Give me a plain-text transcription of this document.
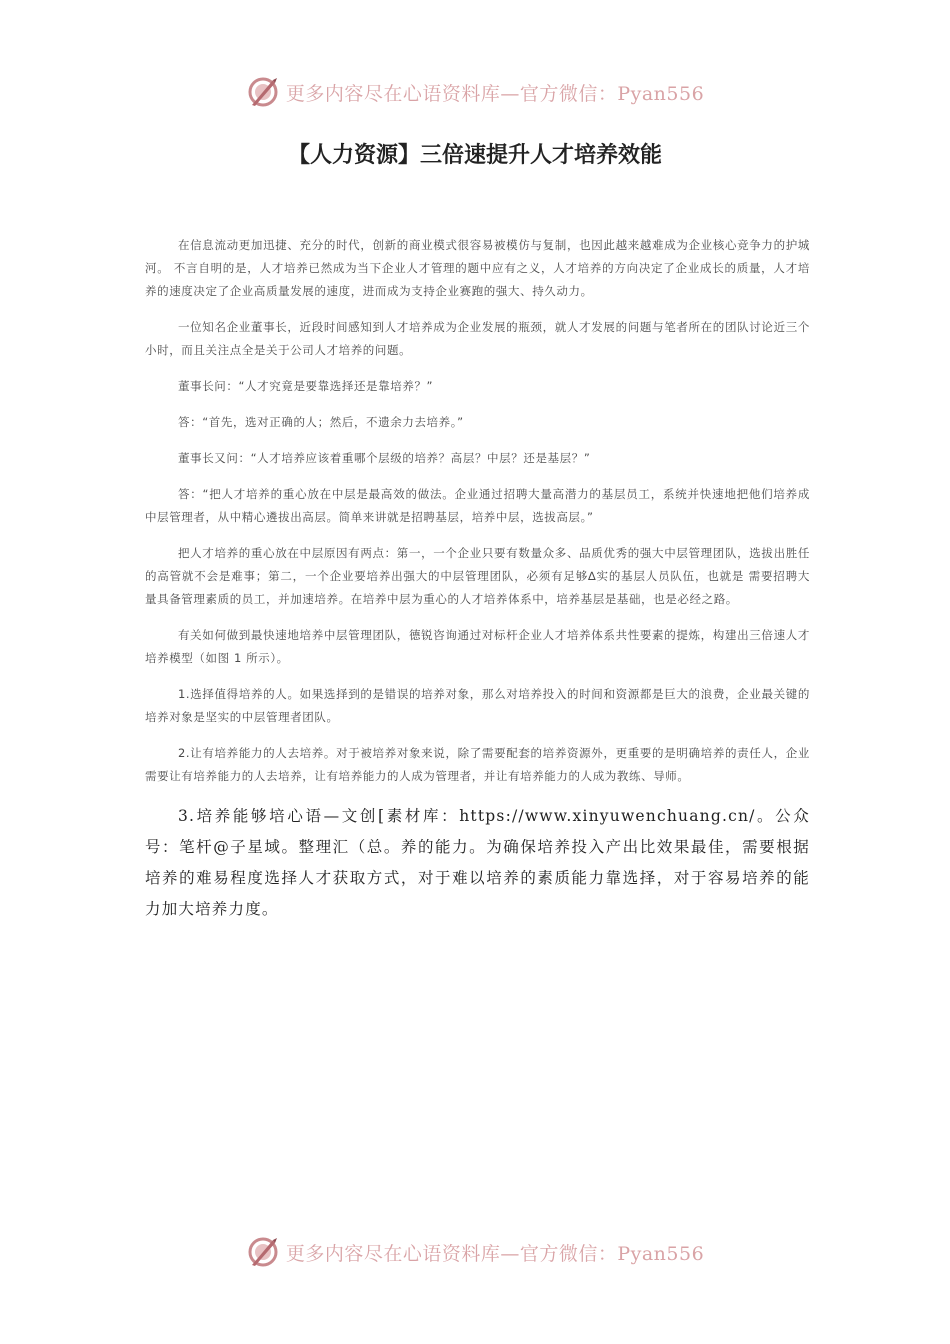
更多内容尽在心语资料库—官方微信：Pyan556
【人力资源】三倍速提升人才培养效能

在信息流动更加迅捷、充分的时代，创新的商业模式很容易被模仿与复制，也因此越来越难成为企业核心竞争力的护城河。 不言自明的是，人才培养已然成为当下企业人才管理的题中应有之义，人才培养的方向决定了企业成长的质量，人才培养的速度决定了企业高质量发展的速度，进而成为支持企业赛跑的强大、持久动力。

一位知名企业董事长，近段时间感知到人才培养成为企业发展的瓶颈，就人才发展的问题与笔者所在的团队讨论近三个小时，而且关注点全是关于公司人才培养的问题。

董事长问：“人才究竟是要靠选择还是靠培养？”

答：“首先，选对正确的人；然后，不遗余力去培养。”

董事长又问：“人才培养应该着重哪个层级的培养？高层？中层？还是基层？”

答：“把人才培养的重心放在中层是最高效的做法。企业通过招聘大量高潜力的基层员工，系统并快速地把他们培养成中层管理者，从中精心遴拔出高层。简单来讲就是招聘基层，培养中层，选拔高层。”

把人才培养的重心放在中层原因有两点：第一，一个企业只要有数量众多、品质优秀的强大中层管理团队，选拔出胜任的高管就不会是难事；第二，一个企业要培养出强大的中层管理团队，必须有足够∆实的基层人员队伍，也就是 需要招聘大量具备管理素质的员工，并加速培养。在培养中层为重心的人才培养体系中，培养基层是基础，也是必经之路。

有关如何做到最快速地培养中层管理团队，德锐咨询通过对标杆企业人才培养体系共性要素的提炼，构建出三倍速人才培养模型（如图 1 所示）。

1.选择值得培养的人。如果选择到的是错误的培养对象，那么对培养投入的时间和资源都是巨大的浪费，企业最关键的培养对象是坚实的中层管理者团队。

2.让有培养能力的人去培养。对于被培养对象来说，除了需要配套的培养资源外，更重要的是明确培养的责任人，企业需要让有培养能力的人去培养，让有培养能力的人成为管理者，并让有培养能力的人成为教练、导师。

3.培养能够培心语—文创[素材库：https://www.xinyuwenchuang.cn/。公众号：笔杆@子星域。整理汇（总。养的能力。为确保培养投入产出比效果最佳，需要根据培养的难易程度选择人才获取方式，对于难以培养的素质能力靠选择，对于容易培养的能力加大培养力度。

更多内容尽在心语资料库—官方微信：Pyan556
